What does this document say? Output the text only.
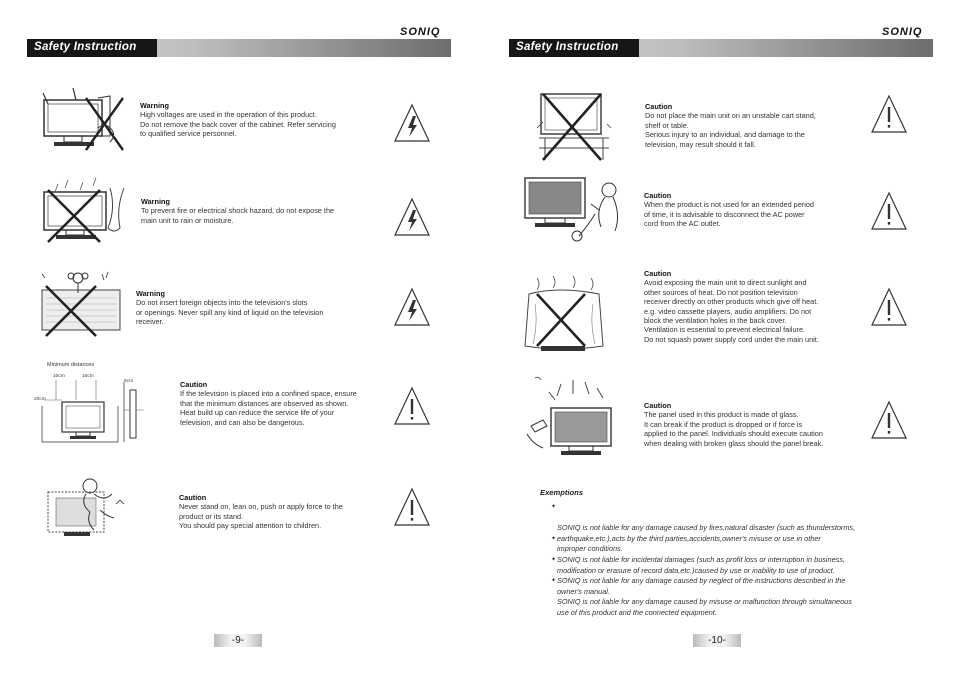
SONIQ
Safety Instruction
Warning
High voltages are used in the operation of this product.
Do not remove the back cover of the cabinet. Refer servicing
to qualified service personnel.
Warning
To prevent fire or electrical shock hazard, do not expose the
main unit to rain or moisture.
Warning
Do not insert foreign objects into the television's slots
or openings. Never spill any kind of liquid on the television
receiver.
Minimum distances
10cm	10cm
20cm
5cm	Caution
If the television is placed into a confined space, ensure
that the minimum distances are observed as shown.
Heat build up can reduce the service life of your
television, and can also be dangerous.
Caution
Never stand on, lean on, push or apply force to the
product or its stand.
You should pay special attention to children.
-9-
SONIQ
Safety Instruction
Caution
Do not place the main unit on an unstable cart stand,
shelf or table.
Serious injury to an individual, and damage to the
television, may result should it fall.
Caution
When the product is not used for an extended period
of time, it is advisable to disconnect the AC power
cord from the AC outlet.
Caution
Avoid exposing the main unit to direct sunlight and
other sources of heat. Do not position television
receiver directly on other products which give off heat.
e.g. video cassette players, audio amplifiers. Do not
block the ventilation holes in the back cover.
Ventilation is essential to prevent electrical failure.
Do not squash power supply cord under the main unit.
Caution
The panel used in this product is made of glass.
It can break if the product is dropped or if force is
applied to the panel. Individuals should execute caution
when dealing with broken glass should the panel break.
Exemptions

✦

SONIQ is not liable for any damage caused by fires,natural disaster (such as thunderstorms,
earthquake,etc.),acts by the third parties,accidents,owner's misuse or use in other
improper conditions.

✦

SONIQ is not liable for incidental damages (such as profit loss or interruption in business,
modification or erasure of record data,etc.)caused by use or inability to use of product.

✦

SONIQ is not liable for any damage caused by neglect of the instructions described in the
owner's manual.

✦

SONIQ is not liable for any damage caused by misuse or malfunction through simultaneous
use of this product and the connected equipment.

-10-
